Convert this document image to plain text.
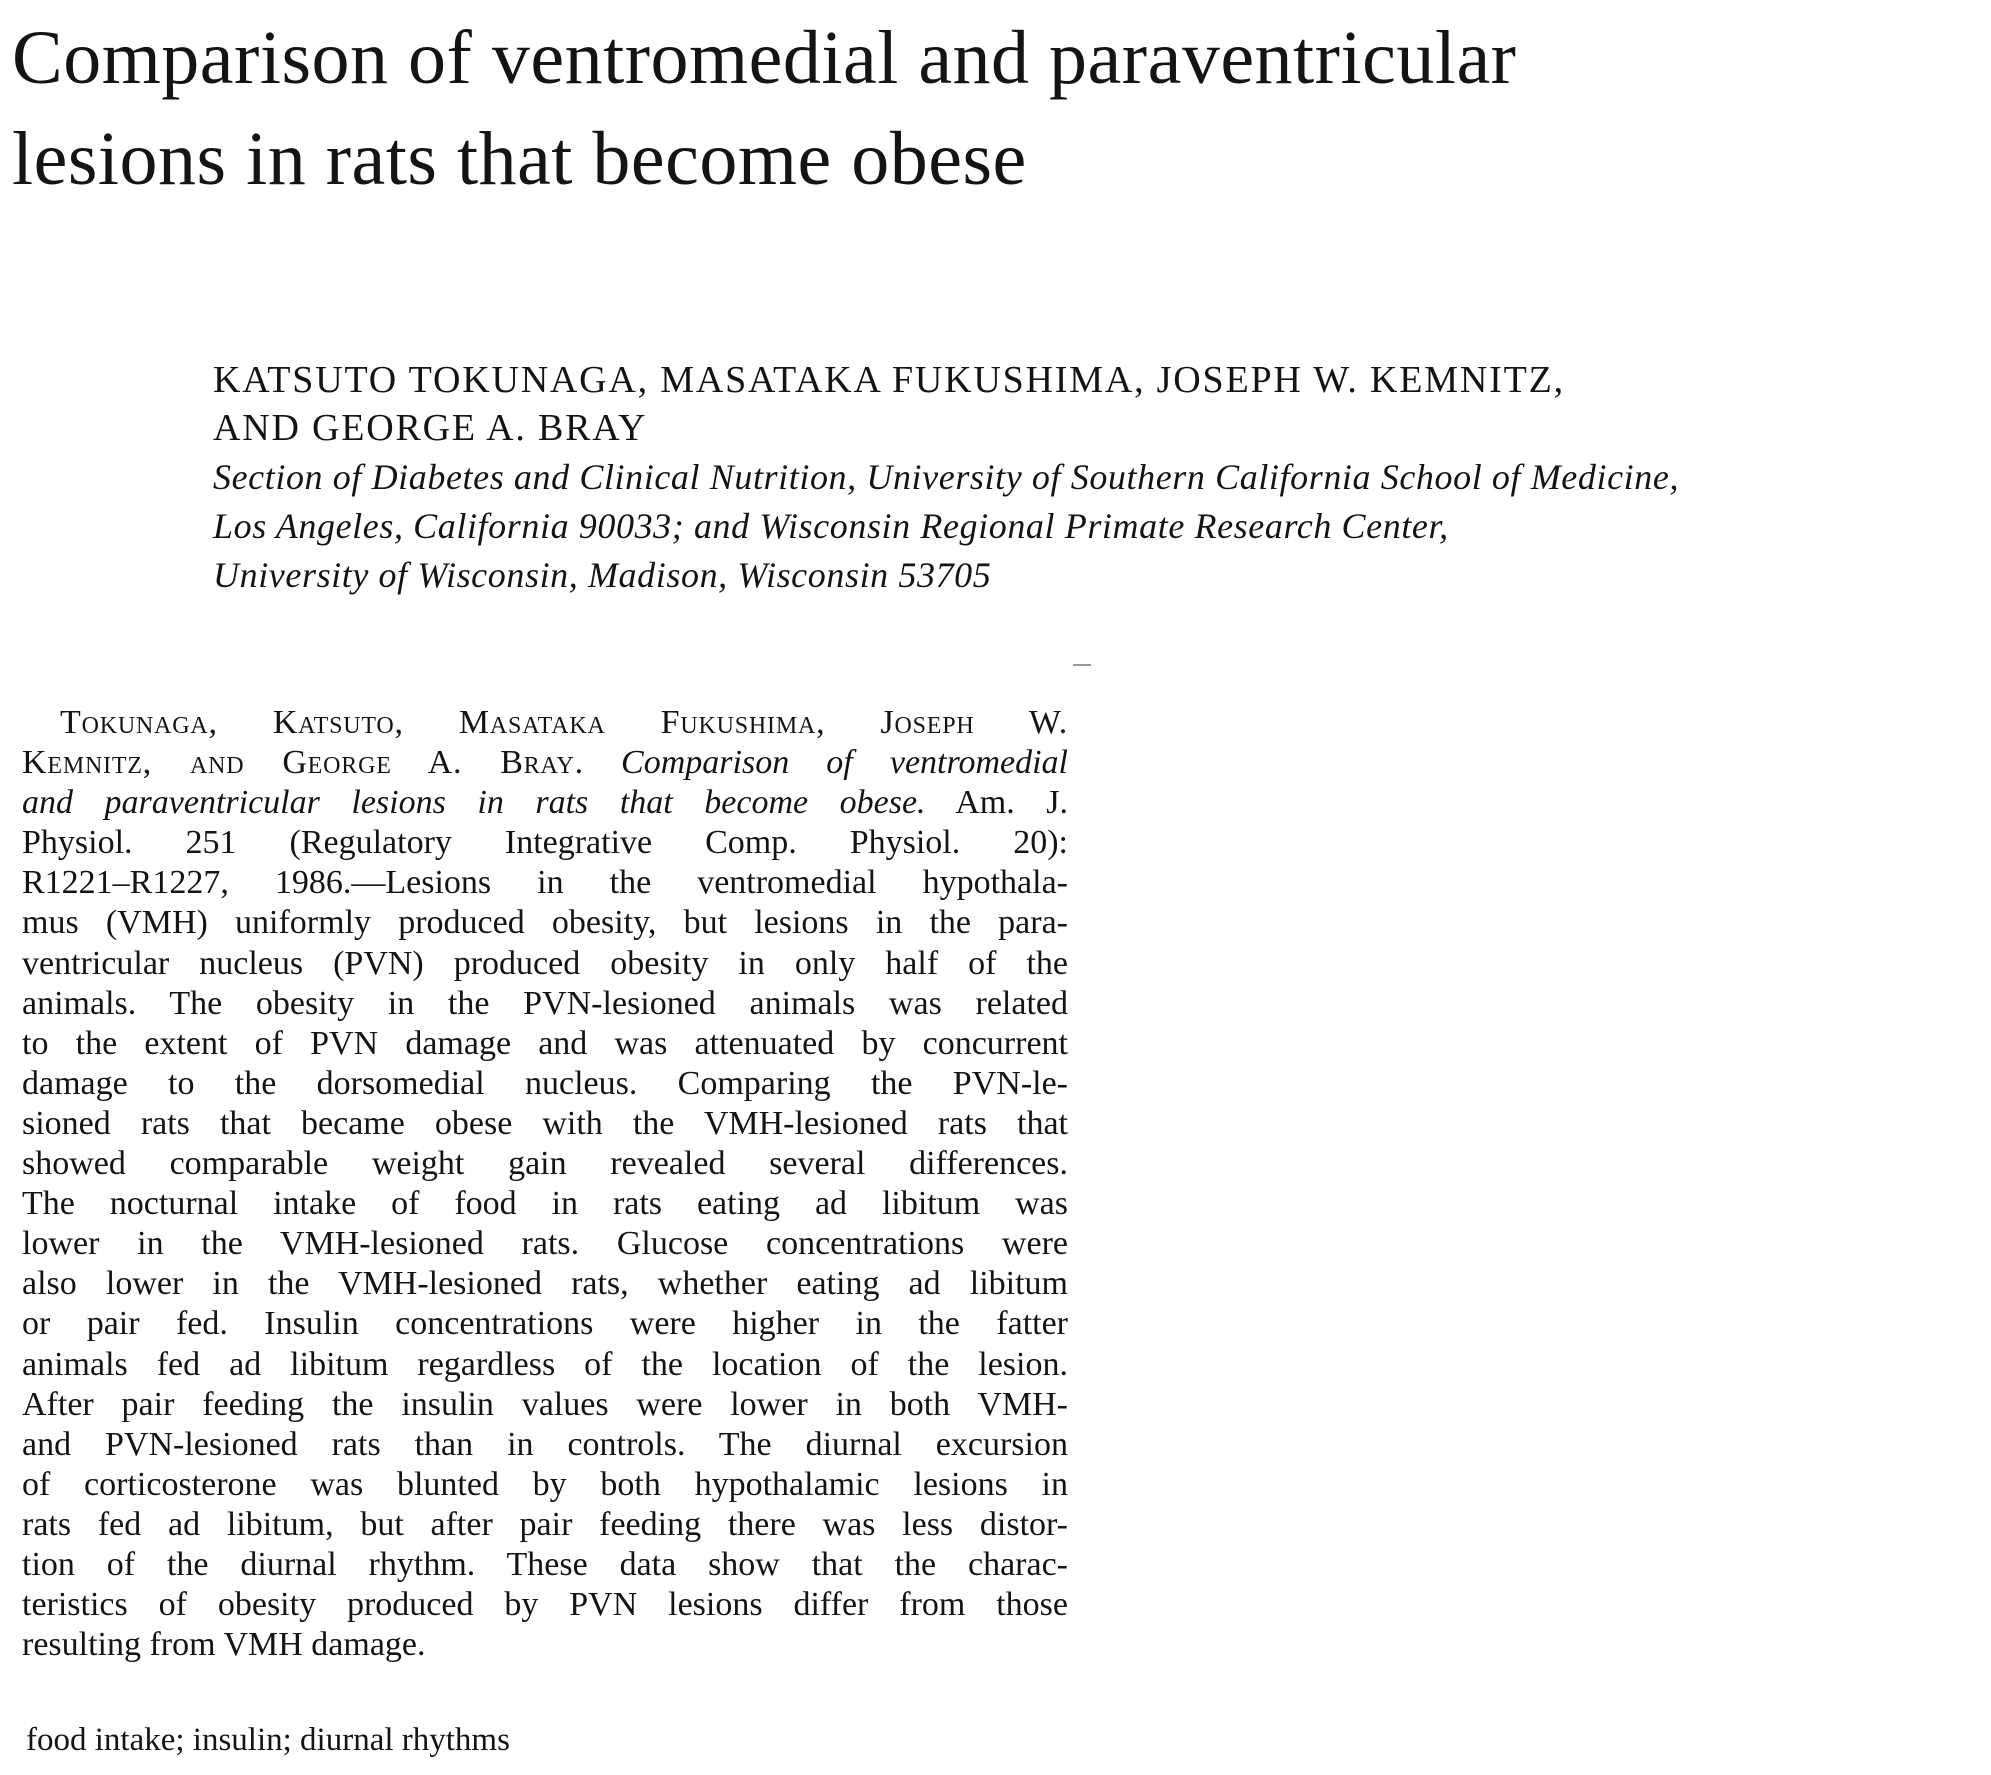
Comparison of ventromedial and paraventricular
lesions in rats that become obese
KATSUTO TOKUNAGA, MASATAKA FUKUSHIMA, JOSEPH W. KEMNITZ,
AND GEORGE A. BRAY
Section of Diabetes and Clinical Nutrition, University of Southern California School of Medicine,
Los Angeles, California 90033; and Wisconsin Regional Primate Research Center,
University of Wisconsin, Madison, Wisconsin 53705
Tokunaga, Katsuto, Masataka Fukushima, Joseph W.
Kemnitz, and George A. Bray. Comparison of ventromedial
and paraventricular lesions in rats that become obese. Am. J.
Physiol. 251 (Regulatory Integrative Comp. Physiol. 20):
R1221–R1227, 1986.—Lesions in the ventromedial hypothala-
mus (VMH) uniformly produced obesity, but lesions in the para-
ventricular nucleus (PVN) produced obesity in only half of the
animals. The obesity in the PVN-lesioned animals was related
to the extent of PVN damage and was attenuated by concurrent
damage to the dorsomedial nucleus. Comparing the PVN-le-
sioned rats that became obese with the VMH-lesioned rats that
showed comparable weight gain revealed several differences.
The nocturnal intake of food in rats eating ad libitum was
lower in the VMH-lesioned rats. Glucose concentrations were
also lower in the VMH-lesioned rats, whether eating ad libitum
or pair fed. Insulin concentrations were higher in the fatter
animals fed ad libitum regardless of the location of the lesion.
After pair feeding the insulin values were lower in both VMH-
and PVN-lesioned rats than in controls. The diurnal excursion
of corticosterone was blunted by both hypothalamic lesions in
rats fed ad libitum, but after pair feeding there was less distor-
tion of the diurnal rhythm. These data show that the charac-
teristics of obesity produced by PVN lesions differ from those
resulting from VMH damage.
food intake; insulin; diurnal rhythms
